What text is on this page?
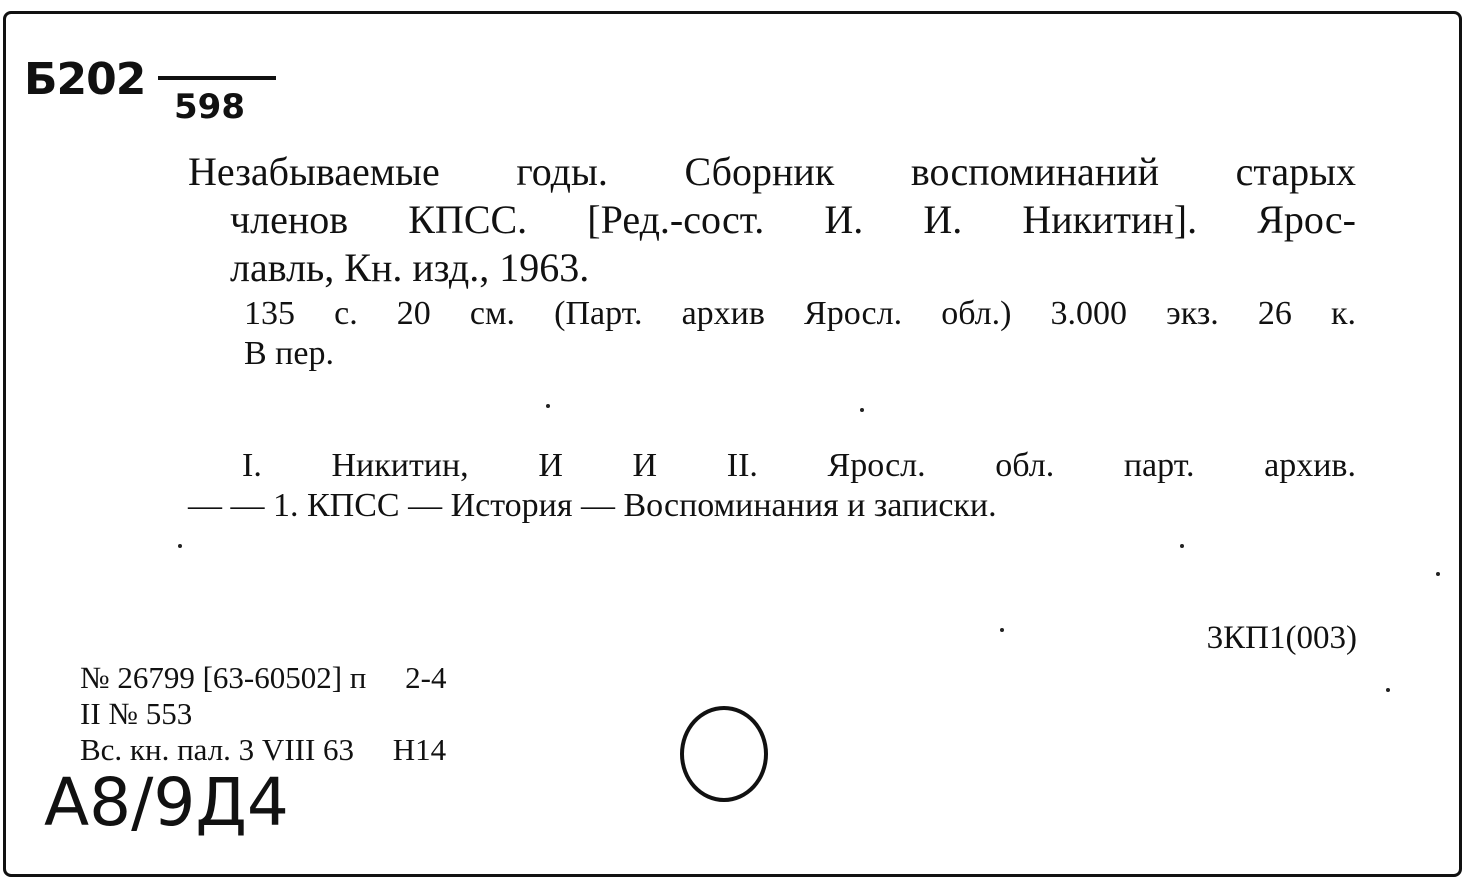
Б202
598
Незабываемые годы. Сборник воспоминаний старых
членов КПСС. [Ред.-сост. И. И. Никитин]. Ярос-
лавль, Кн. изд., 1963.
135 с. 20 см. (Парт. архив Яросл. обл.) 3.000 экз. 26 к.
В пер.
I. Никитин, И И II. Яросл. обл. парт. архив.
— — 1. КПСС — История — Воспоминания и записки.
3КП1(003)
№ 26799 [63-60502] п     2-4
II № 553
Вс. кн. пал. 3 VIII 63     Н14
А8/9Д4
